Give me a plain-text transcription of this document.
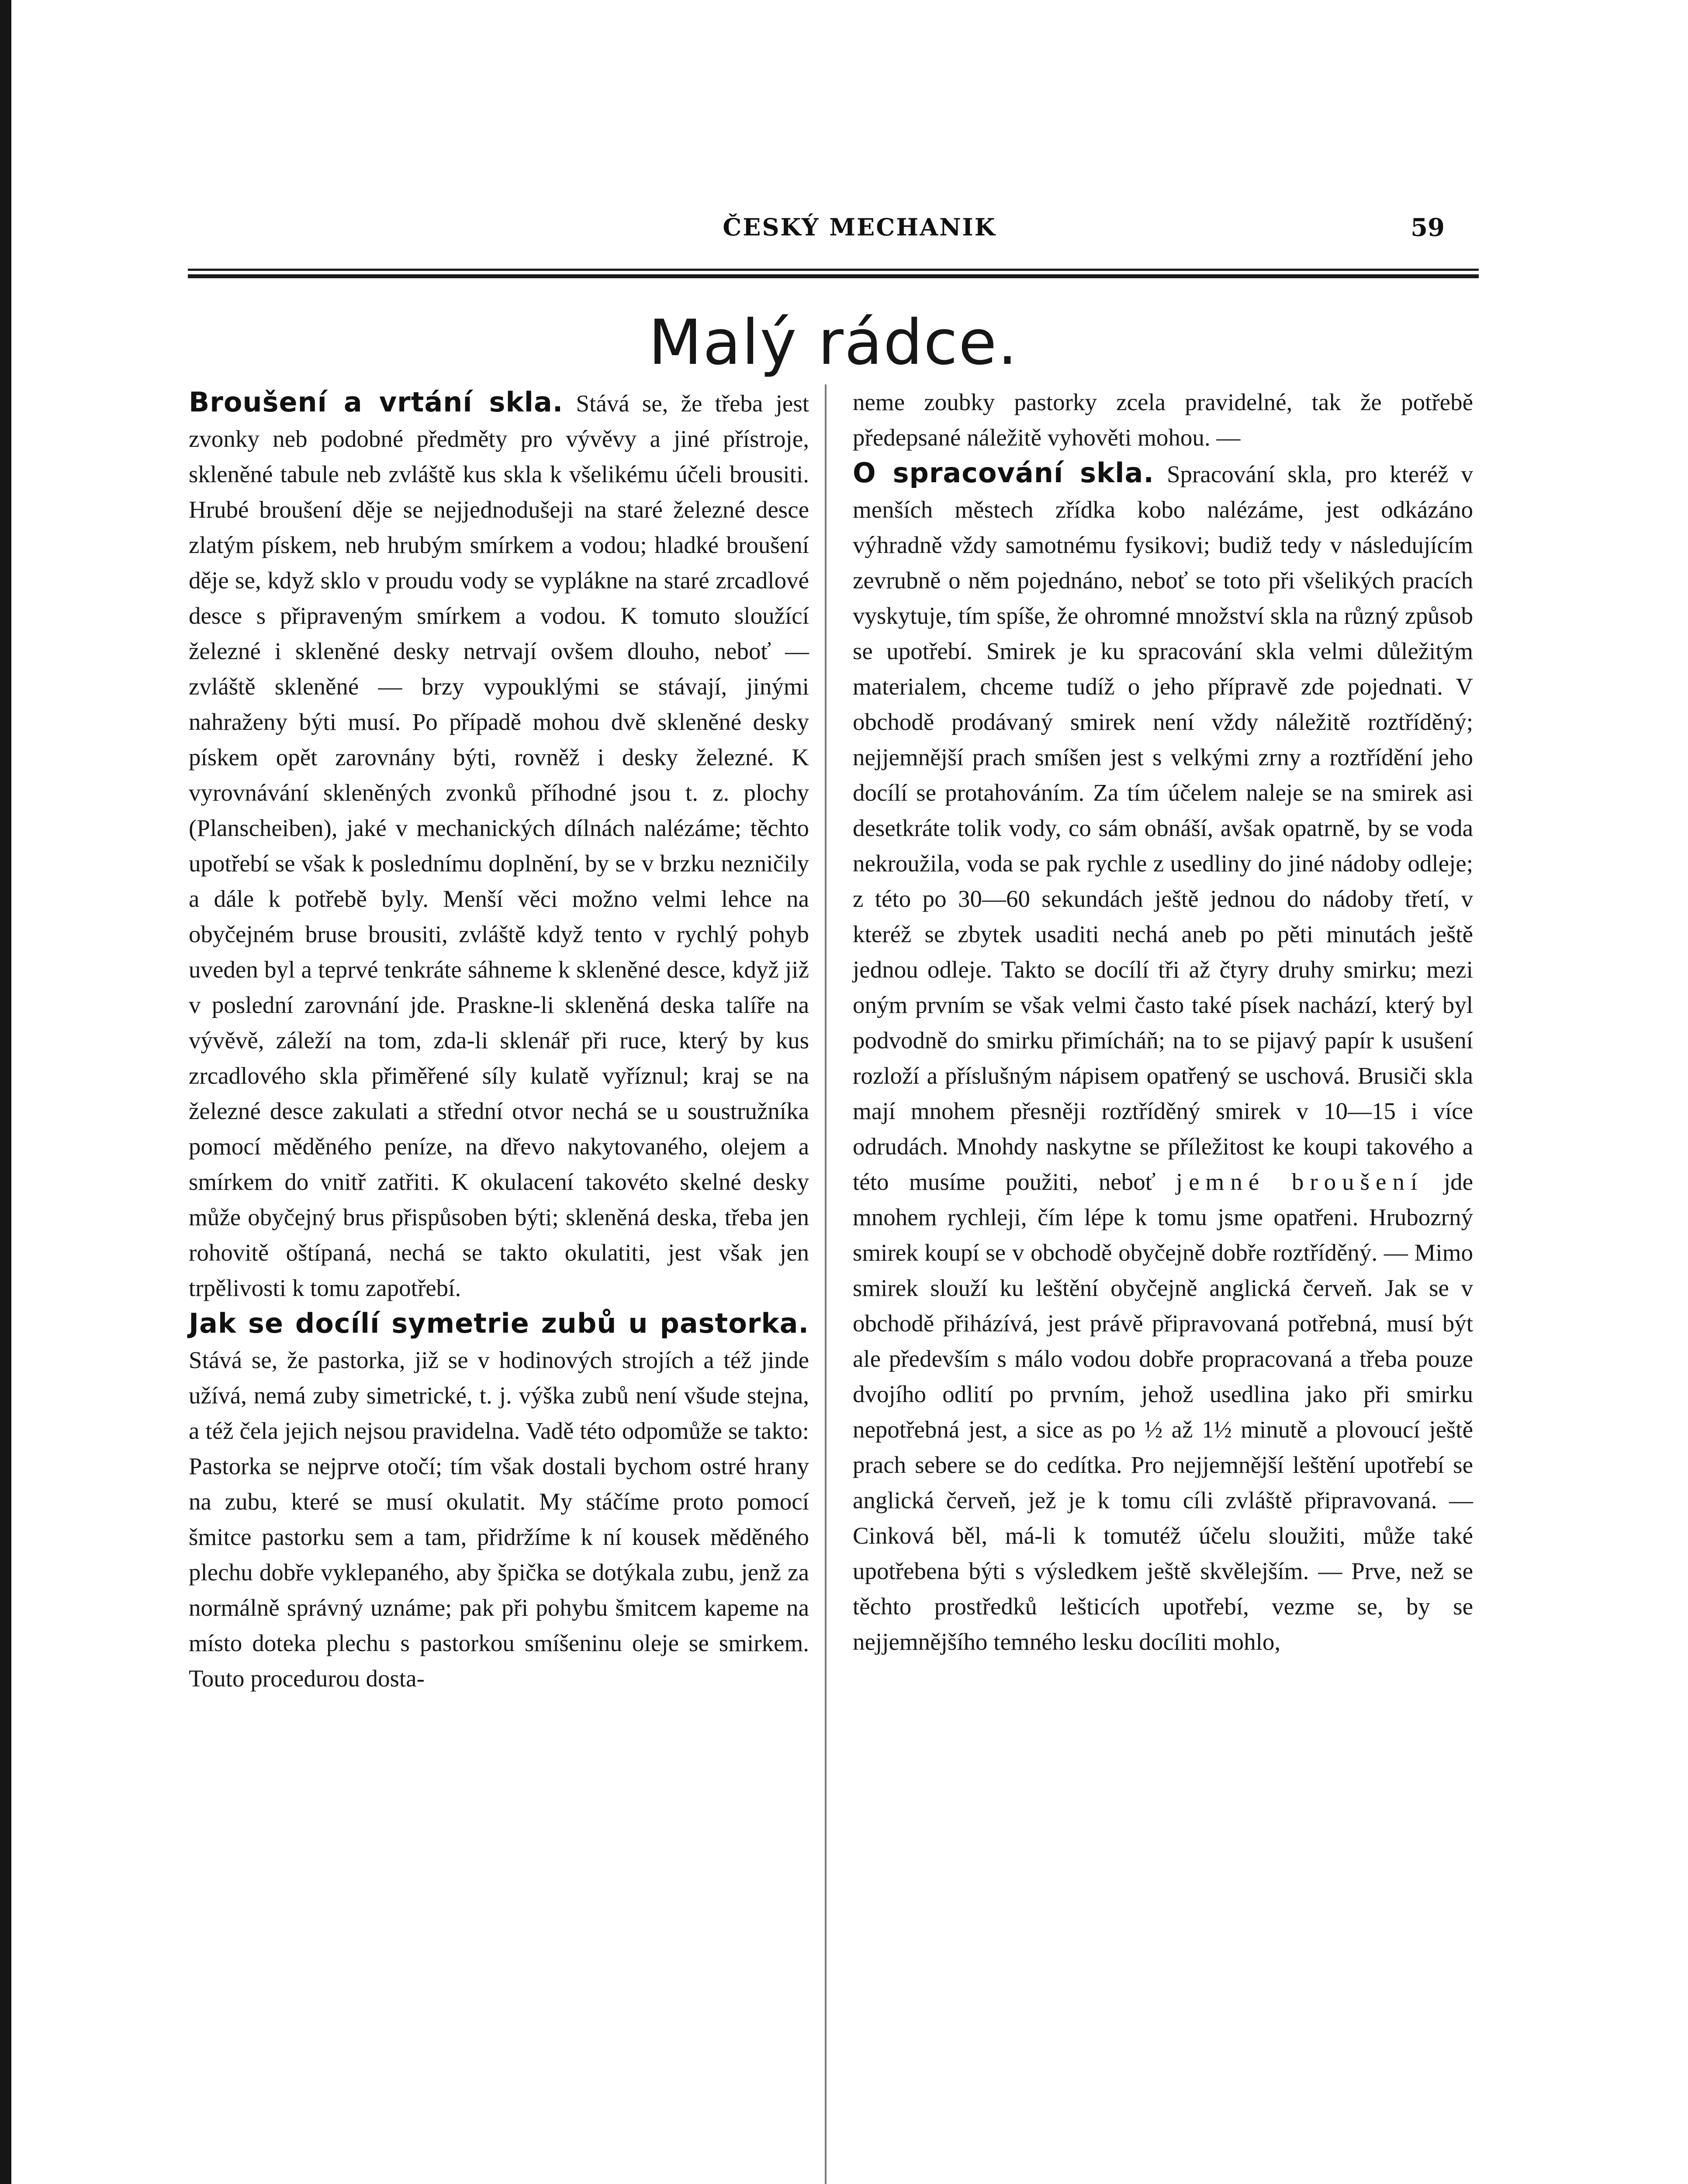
ČESKÝ MECHANIK	59
Malý rádce.

Broušení a vrtání skla. Stává se, že třeba jest zvonky neb podobné předměty pro vývěvy a jiné přístroje, skleněné tabule neb zvláště kus skla k všelikému účeli brousiti. Hrubé broušení děje se nejjednodušeji na staré železné desce zlatým pískem, neb hrubým smírkem a vodou; hladké broušení děje se, když sklo v proudu vody se vyplákne na staré zrcadlové desce s připraveným smírkem a vodou. K tomuto sloužící železné i skleněné desky netrvají ovšem dlouho, neboť — zvláště skleněné — brzy vypouklými se stávají, jinými nahraženy býti musí. Po případě mohou dvě skleněné desky pískem opět zarovnány býti, rovněž i desky železné. K vyrovnávání skleněných zvonků příhodné jsou t. z. plochy (Planscheiben), jaké v mechanických dílnách nalézáme; těchto upotřebí se však k poslednímu doplnění, by se v brzku nezničily a dále k potřebě byly. Menší věci možno velmi lehce na obyčejném bruse brousiti, zvláště když tento v rychlý pohyb uveden byl a teprvé tenkráte sáhneme k skleněné desce, když již v poslední zarovnání jde. Praskne-li skleněná deska talíře na vývěvě, záleží na tom, zda-li sklenář při ruce, který by kus zrcadlového skla přiměřené síly kulatě vyříznul; kraj se na železné desce zakulati a střední otvor nechá se u soustružníka pomocí měděného peníze, na dřevo nakytovaného, olejem a smírkem do vnitř zatřiti. K okulacení takovéto skelné desky může obyčejný brus přispůsoben býti; skleněná deska, třeba jen rohovitě oštípaná, nechá se takto okulatiti, jest však jen trpělivosti k tomu zapotřebí.

Jak se docílí symetrie zubů u pastorka. Stává se, že pastorka, již se v hodinových strojích a též jinde užívá, nemá zuby simetrické, t. j. výška zubů není všude stejna, a též čela jejich nejsou pravidelna. Vadě této odpomůže se takto: Pastorka se nejprve otočí; tím však dostali bychom ostré hrany na zubu, které se musí okulatit. My stáčíme proto pomocí šmitce pastorku sem a tam, přidržíme k ní kousek měděného plechu dobře vyklepaného, aby špička se dotýkala zubu, jenž za normálně správný uznáme; pak při pohybu šmitcem kapeme na místo doteka plechu s pastorkou smíšeninu oleje se smirkem. Touto procedurou dosta-

neme zoubky pastorky zcela pravidelné, tak že potřebě předepsané náležitě vyhověti mohou. —

O spracování skla. Spracování skla, pro kteréž v menších městech zřídka kobo nalézáme, jest odkázáno výhradně vždy samotnému fysikovi; budiž tedy v následujícím zevrubně o něm pojednáno, neboť se toto při všelikých pracích vyskytuje, tím spíše, že ohromné množství skla na různý způsob se upotřebí. Smirek je ku spracování skla velmi důležitým materialem, chceme tudíž o jeho přípravě zde pojednati. V obchodě prodávaný smirek není vždy náležitě roztříděný; nejjemnější prach smíšen jest s velkými zrny a roztřídění jeho docílí se protahováním. Za tím účelem naleje se na smirek asi desetkráte tolik vody, co sám obnáší, avšak opatrně, by se voda nekroužila, voda se pak rychle z usedliny do jiné nádoby odleje; z této po 30—60 sekundách ještě jednou do nádoby třetí, v kteréž se zbytek usaditi nechá aneb po pěti minutách ještě jednou odleje. Takto se docílí tři až čtyry druhy smirku; mezi oným prvním se však velmi často také písek nachází, který byl podvodně do smirku přimícháň; na to se pijavý papír k usušení rozloží a příslušným nápisem opatřený se uschová. Brusiči skla mají mnohem přesněji roztříděný smirek v 10—15 i více odrudách. Mnohdy naskytne se příležitost ke koupi takového a této musíme použiti, neboť jemné broušení jde mnohem rychleji, čím lépe k tomu jsme opatřeni. Hrubozrný smirek koupí se v obchodě obyčejně dobře roztříděný. — Mimo smirek slouží ku leštění obyčejně anglická červeň. Jak se v obchodě přiházívá, jest právě připravovaná potřebná, musí být ale především s málo vodou dobře propracovaná a třeba pouze dvojího odlití po prvním, jehož usedlina jako při smirku nepotřebná jest, a sice as po ½ až 1½ minutě a plovoucí ještě prach sebere se do cedítka. Pro nejjemnější leštění upotřebí se anglická červeň, jež je k tomu cíli zvláště připravovaná. — Cinková běl, má-li k tomutéž účelu sloužiti, může také upotřebena býti s výsledkem ještě skvělejším. — Prve, než se těchto prostředků lešticích upotřebí, vezme se, by se nejjemnějšího temného lesku docíliti mohlo,
